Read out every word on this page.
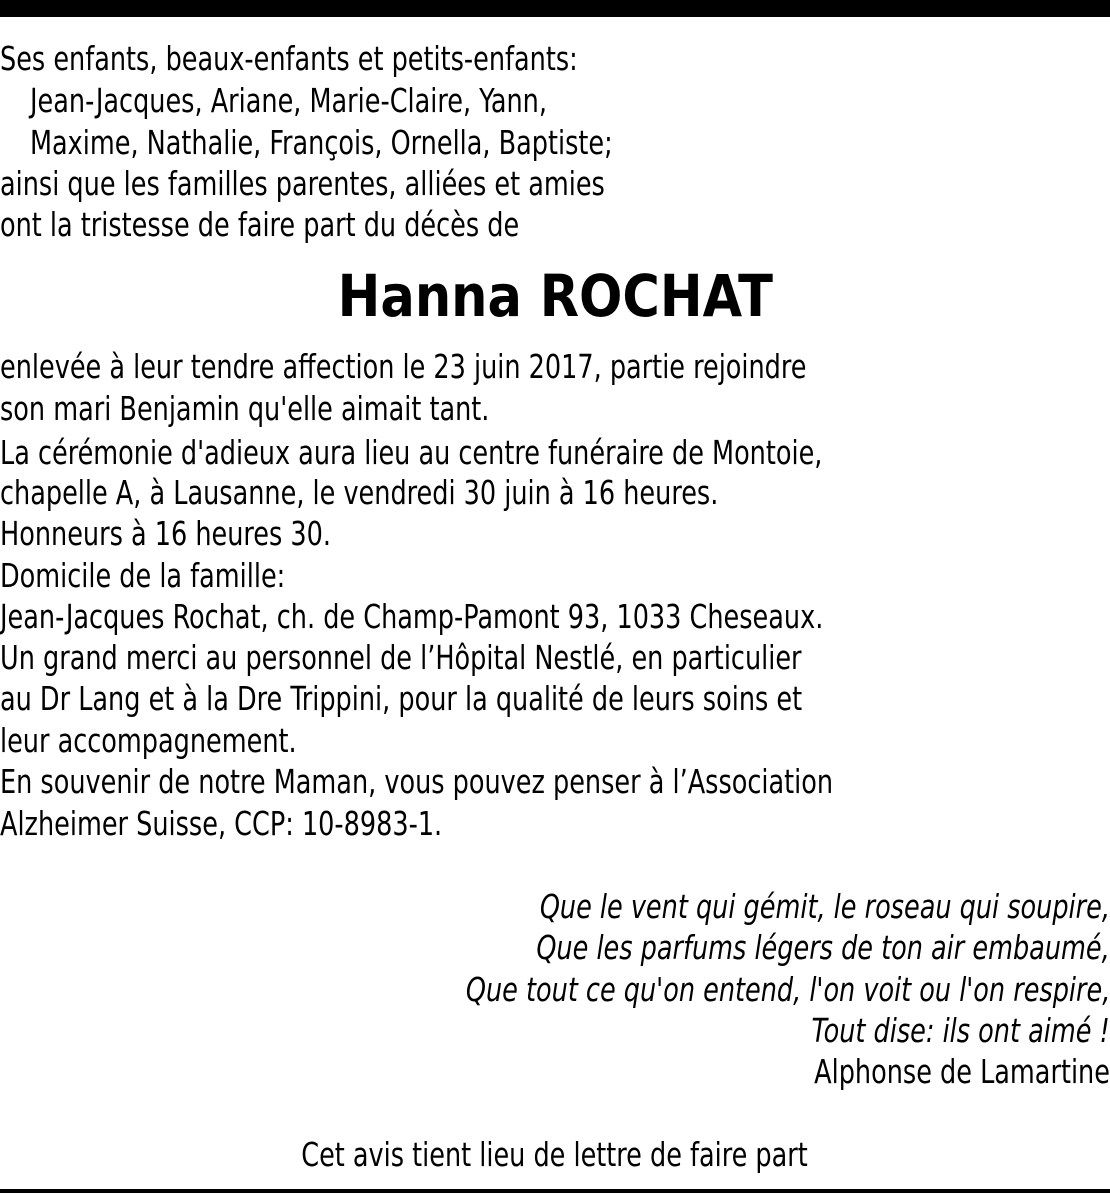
Ses enfants, beaux-enfants et petits-enfants:
Jean-Jacques, Ariane, Marie-Claire, Yann,
Maxime, Nathalie, François, Ornella, Baptiste;
ainsi que les familles parentes, alliées et amies
ont la tristesse de faire part du décès de
Hanna ROCHAT
enlevée à leur tendre affection le 23 juin 2017, partie rejoindre
son mari Benjamin qu'elle aimait tant.
La cérémonie d'adieux aura lieu au centre funéraire de Montoie,
chapelle A, à Lausanne, le vendredi 30 juin à 16 heures.
Honneurs à 16 heures 30.
Domicile de la famille:
Jean-Jacques Rochat, ch. de Champ-Pamont 93, 1033 Cheseaux.
Un grand merci au personnel de l’Hôpital Nestlé, en particulier
au Dr Lang et à la Dre Trippini, pour la qualité de leurs soins et
leur accompagnement.
En souvenir de notre Maman, vous pouvez penser à l’Association
Alzheimer Suisse, CCP: 10-8983-1.
Que le vent qui gémit, le roseau qui soupire,
Que les parfums légers de ton air embaumé,
Que tout ce qu'on entend, l'on voit ou l'on respire,
Tout dise: ils ont aimé !
Alphonse de Lamartine
Cet avis tient lieu de lettre de faire part
